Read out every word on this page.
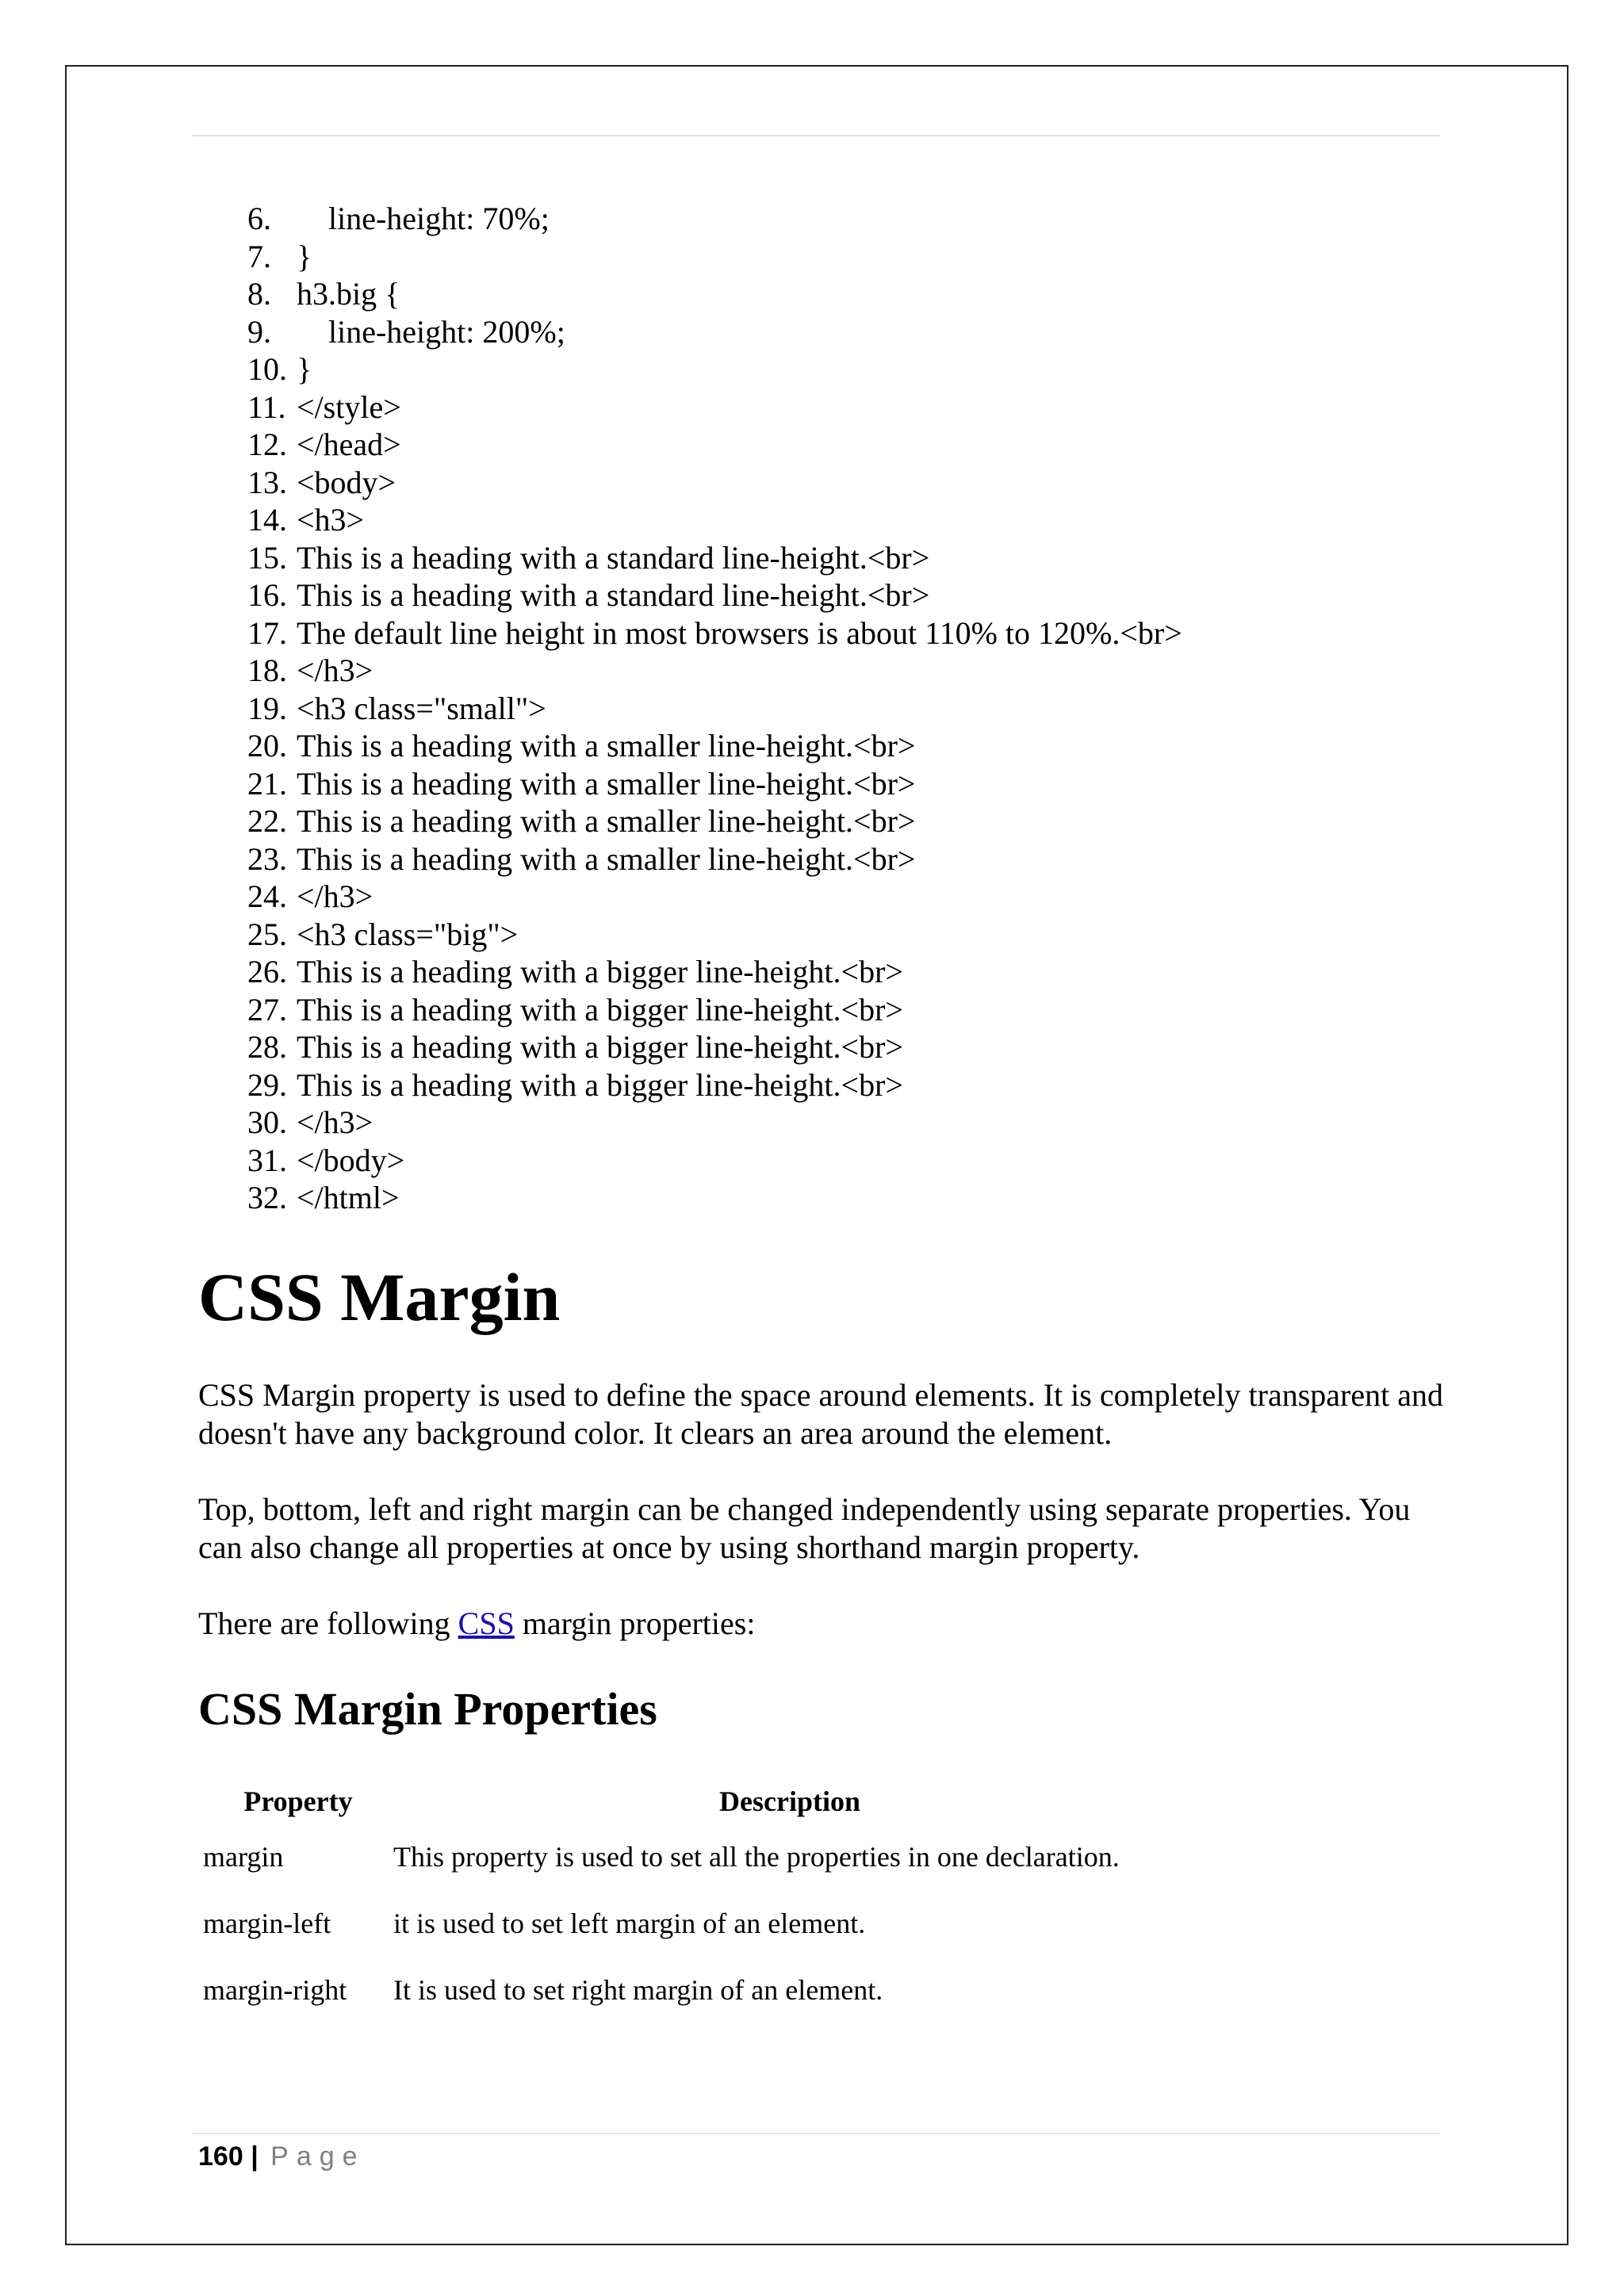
6. line-height: 70%;
7. }
8. h3.big {
9. line-height: 200%;
10. }
11. </style>
12. </head>
13. <body>
14. <h3>
15. This is a heading with a standard line-height.<br>
16. This is a heading with a standard line-height.<br>
17. The default line height in most browsers is about 110% to 120%.<br>
18. </h3>
19. <h3 class="small">
20. This is a heading with a smaller line-height.<br>
21. This is a heading with a smaller line-height.<br>
22. This is a heading with a smaller line-height.<br>
23. This is a heading with a smaller line-height.<br>
24. </h3>
25. <h3 class="big">
26. This is a heading with a bigger line-height.<br>
27. This is a heading with a bigger line-height.<br>
28. This is a heading with a bigger line-height.<br>
29. This is a heading with a bigger line-height.<br>
30. </h3>
31. </body>
32. </html>
CSS Margin

CSS Margin property is used to define the space around elements. It is completely transparent and doesn't have any background color. It clears an area around the element.

Top, bottom, left and right margin can be changed independently using separate properties. You can also change all properties at once by using shorthand margin property.

There are following CSS margin properties:

CSS Margin Properties
Property	Description
margin	This property is used to set all the properties in one declaration.
margin-left	it is used to set left margin of an element.
margin-right	It is used to set right margin of an element.
160 | Page
